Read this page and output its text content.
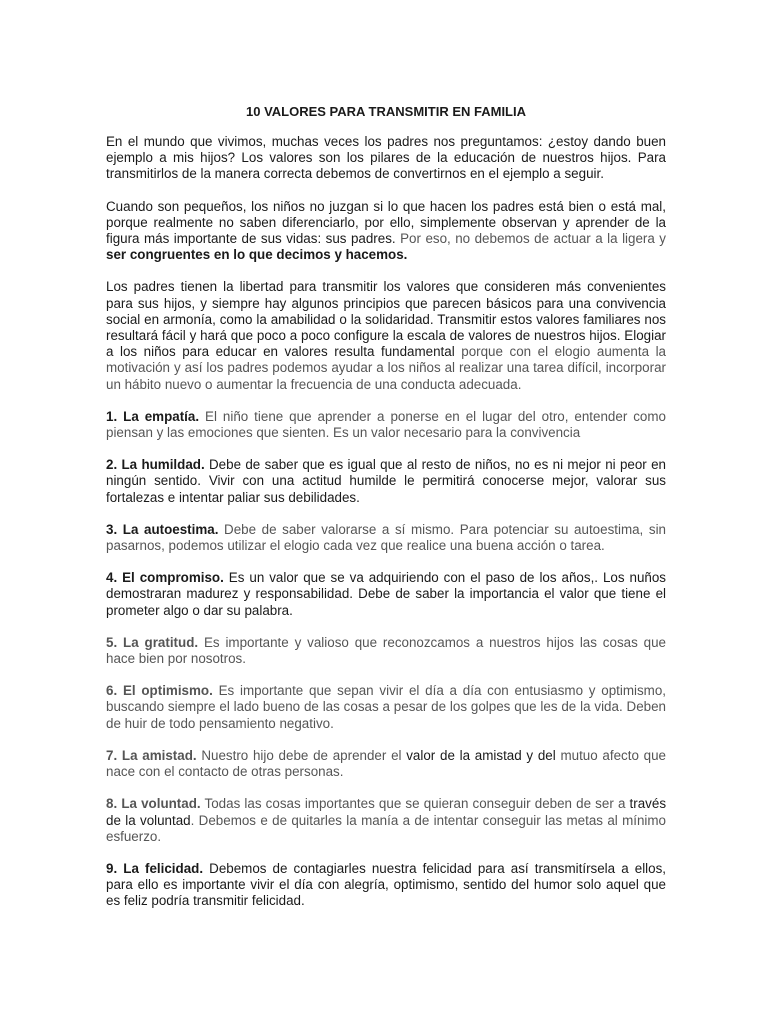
10 VALORES PARA TRANSMITIR EN FAMILIA

En el mundo que vivimos, muchas veces los padres nos preguntamos: ¿estoy dando buen ejemplo a mis hijos? Los valores son los pilares de la educación de nuestros hijos. Para transmitirlos de la manera correcta debemos de convertirnos en el ejemplo a seguir.

Cuando son pequeños, los niños no juzgan si lo que hacen los padres está bien o está mal, porque realmente no saben diferenciarlo, por ello, simplemente observan y aprender de la figura más importante de sus vidas: sus padres. Por eso, no debemos de actuar a la ligera y ser congruentes en lo que decimos y hacemos.

Los padres tienen la libertad para transmitir los valores que consideren más convenientes para sus hijos, y siempre hay algunos principios que parecen básicos para una convivencia social en armonía, como la amabilidad o la solidaridad. Transmitir estos valores familiares nos resultará fácil y hará que poco a poco configure la escala de valores de nuestros hijos. Elogiar a los niños para educar en valores resulta fundamental porque con el elogio aumenta la motivación y así los padres podemos ayudar a los niños al realizar una tarea difícil, incorporar un hábito nuevo o aumentar la frecuencia de una conducta adecuada.

1. La empatía. El niño tiene que aprender a ponerse en el lugar del otro, entender como piensan y las emociones que sienten. Es un valor necesario para la convivencia

2. La humildad. Debe de saber que es igual que al resto de niños, no es ni mejor ni peor en ningún sentido. Vivir con una actitud humilde le permitirá conocerse mejor, valorar sus fortalezas e intentar paliar sus debilidades.

3. La autoestima. Debe de saber valorarse a sí mismo. Para potenciar su autoestima, sin pasarnos, podemos utilizar el elogio cada vez que realice una buena acción o tarea.

4. El compromiso. Es un valor que se va adquiriendo con el paso de los años,. Los nuños demostraran madurez y responsabilidad. Debe de saber la importancia el valor que tiene el prometer algo o dar su palabra.

5. La gratitud. Es importante y valioso que reconozcamos a nuestros hijos las cosas que hace bien por nosotros.

6. El optimismo. Es importante que sepan vivir el día a día con entusiasmo y optimismo, buscando siempre el lado bueno de las cosas a pesar de los golpes que les de la vida. Deben de huir de todo pensamiento negativo.

7. La amistad. Nuestro hijo debe de aprender el valor de la amistad y del mutuo afecto que nace con el contacto de otras personas.

8. La voluntad. Todas las cosas importantes que se quieran conseguir deben de ser a través de la voluntad. Debemos e de quitarles la manía a de intentar conseguir las metas al mínimo esfuerzo.

9. La felicidad. Debemos de contagiarles nuestra felicidad para así transmitírsela a ellos, para ello es importante vivir el día con alegría, optimismo, sentido del humor solo aquel que es feliz podría transmitir felicidad.
